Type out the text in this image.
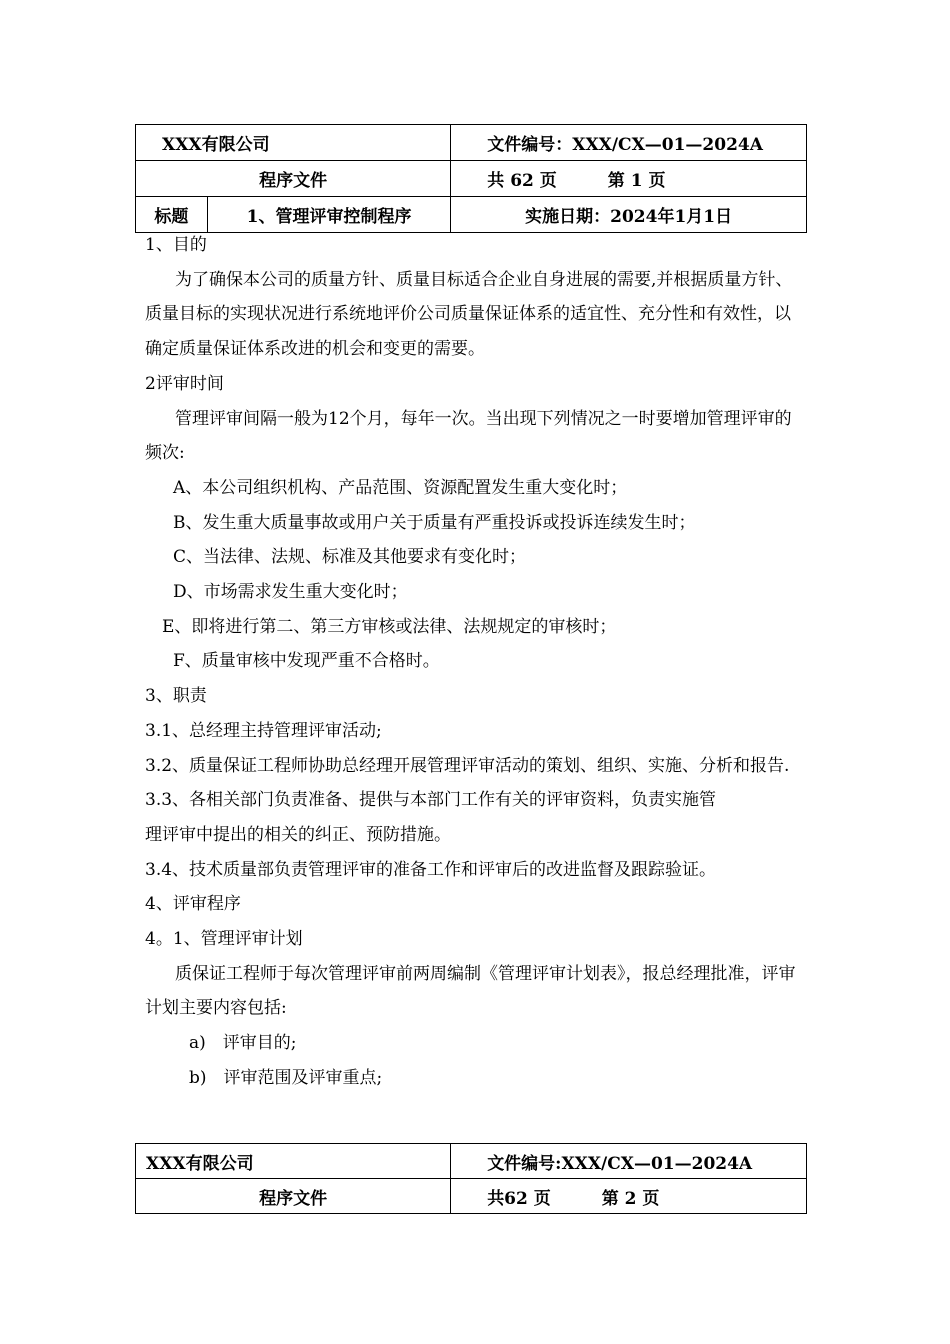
XXX有限公司		文件编号：XXX/CX—01—2024A
程序文件		共 62 页　　　第 1 页
标题	1、管理评审控制程序	实施日期：2024年1月1日

1、目的

为了确保本公司的质量方针、质量目标适合企业自身进展的需要,并根据质量方针、质量目标的实现状况进行系统地评价公司质量保证体系的适宜性、充分性和有效性，以确定质量保证体系改进的机会和变更的需要。

2评审时间

管理评审间隔一般为12个月，每年一次。当出现下列情况之一时要增加管理评审的频次:

A、本公司组织机构、产品范围、资源配置发生重大变化时；

B、发生重大质量事故或用户关于质量有严重投诉或投诉连续发生时；

C、当法律、法规、标准及其他要求有变化时；

D、市场需求发生重大变化时；

E、即将进行第二、第三方审核或法律、法规规定的审核时；

F、质量审核中发现严重不合格时。

3、职责

3.1、总经理主持管理评审活动;

3.2、质量保证工程师协助总经理开展管理评审活动的策划、组织、实施、分析和报告.

3.3、各相关部门负责准备、提供与本部门工作有关的评审资料，负责实施管

理评审中提出的相关的纠正、预防措施。

3.4、技术质量部负责管理评审的准备工作和评审后的改进监督及跟踪验证。

4、评审程序

4。1、管理评审计划

质保证工程师于每次管理评审前两周编制《管理评审计划表》，报总经理批准，评审计划主要内容包括:

a)　评审目的;

b)　评审范围及评审重点;

XXX有限公司	文件编号:XXX/CX—01—2024A
程序文件	共62 页　　　第 2 页
